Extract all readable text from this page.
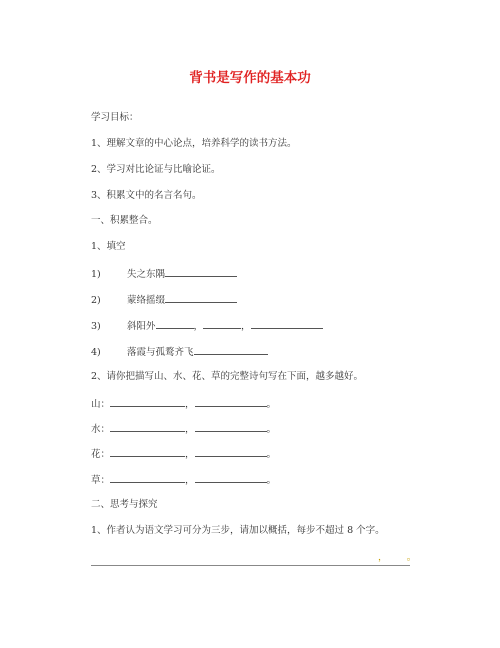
背书是写作的基本功
学习目标：
1、理解文章的中心论点，培养科学的读书方法。
2、学习对比论证与比喻论证。
3、积累文中的名言名句。
一、积累整合。
1、填空
1)	失之东隅
2)	蒙络摇缀
3)	斜阳外	，	，
4)	落霞与孤鹜齐飞
2、请你把描写山、水、花、草的完整诗句写在下面，越多越好。
山：	，	。
水：	，	。
花：	，	。
草：	，	。
二、思考与探究
1、作者认为语文学习可分为三步，请加以概括，每步不超过 8 个字。
，	。
